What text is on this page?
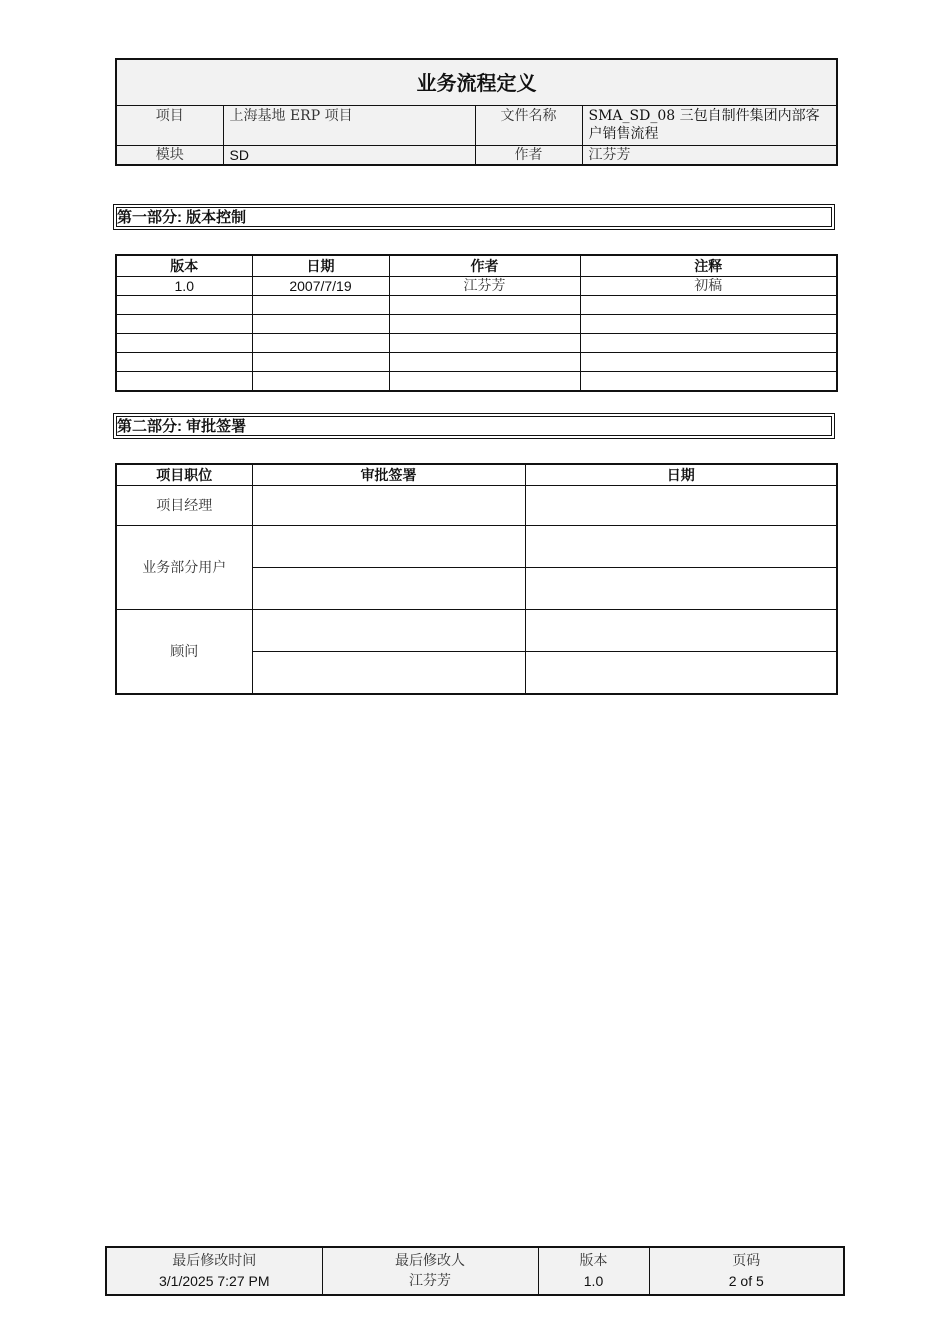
业务流程定义			
项目	上海基地 ERP 项目	文件名称	SMA_SD_08 三包自制件集团内部客户销售流程
模块	SD	作者	江芬芳
第一部分: 版本控制
版本	日期	作者	注释
1.0	2007/7/19	江芬芳	初稿

第二部分: 审批签署
项目职位	审批签署	日期
项目经理		
业务部分用户		

顾问		

最后修改时间	最后修改人	版本	页码
3/1/2025 7:27 PM	江芬芳	1.0	2 of 5
